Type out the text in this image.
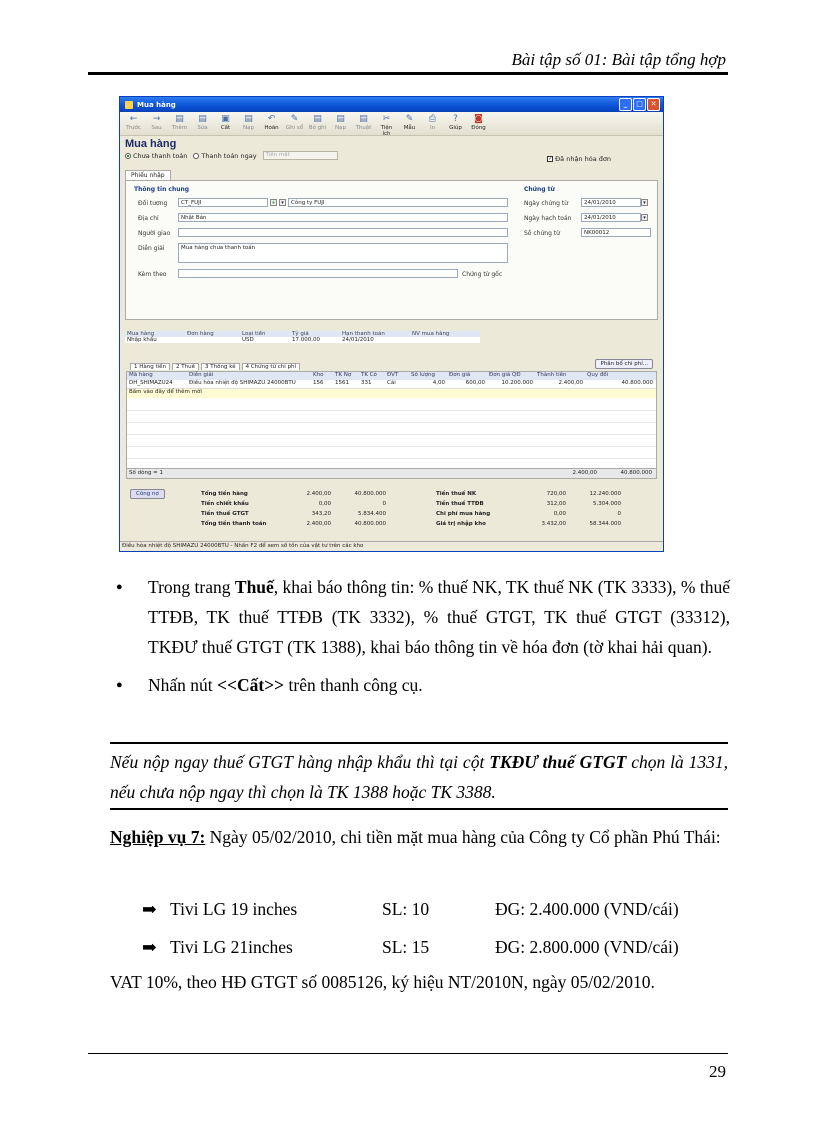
Bài tập số 01: Bài tập tổng hợp
Mua hàng	_	□	✕
←
Trước
→
Sau
▤
Thêm
▤
Sửa
▣
Cất
▤
Nạp
↶
Hoãn
✎
Ghi sổ
▤
Bỏ ghi
▤
Nạp
▤
Thuật
✂
Tiện ích
✎
Mẫu
⎙
In
?
Giúp
◙
Đóng
Mua hàng
Chưa thanh toán	Thanh toán ngay	Tiền mặt
✓ Đã nhận hóa đơn
Phiếu nhập
Thông tin chung
Đối tượng	CT_FUJI	+	▾	Công ty FUJI
Địa chỉ	Nhật Bản
Người giao
Diễn giải	Mua hàng chưa thanh toán
Kèm theo	Chứng từ gốc
Chứng từ
Ngày chứng từ	24/01/2010	▾
Ngày hạch toán	24/01/2010	▾
Số chứng từ	NK00012
Mua hàng	Đơn hàng	Loại tiền	Tỷ giá	Hạn thanh toán	NV mua hàng
Nhập khẩu	USD	17.000,00	24/01/2010
1 Hàng tiền	2 Thuế	3 Thống kê	4 Chứng từ chi phí	Phân bổ chi phí...
Mã hàng	Diễn giải	Kho	TK Nợ	TK Có	ĐVT	Số lượng	Đơn giá	Đơn giá QĐ	Thành tiền	Quy đổi
DH_SHIMAZU24	Điều hòa nhiệt độ SHIMAZU 24000BTU	156	1561	331	Cái	4,00	600,00	10.200.000	2.400,00	40.800.000
Bấm vào đây để thêm mới
Số dòng = 1	2.400,00	40.800.000
Công nợ	Tổng tiền hàng	2.400,00	40.800.000
Tiền chiết khấu	0,00	0
Tiền thuế GTGT	343,20	5.834.400
Tổng tiền thanh toán	2.400,00	40.800.000
Tiền thuế NK	720,00	12.240.000
Tiền thuế TTĐB	312,00	5.304.000
Chi phí mua hàng	0,00	0
Giá trị nhập kho	3.432,00	58.344.000
Điều hòa nhiệt độ SHIMAZU 24000BTU - Nhấn F2 để xem số tồn của vật tư trên các kho
●	Trong trang Thuế, khai báo thông tin: % thuế NK, TK thuế NK (TK 3333), % thuế TTĐB, TK thuế TTĐB (TK 3332), % thuế GTGT, TK thuế GTGT (33312), TKĐƯ thuế GTGT (TK 1388), khai báo thông tin về hóa đơn (tờ khai hải quan).
●	Nhấn nút <<Cất>> trên thanh công cụ.
Nếu nộp ngay thuế GTGT hàng nhập khẩu thì tại cột TKĐƯ thuế GTGT chọn là 1331, nếu chưa nộp ngay thì chọn là TK 1388 hoặc TK 3388.
Nghiệp vụ 7: Ngày 05/02/2010, chi tiền mặt mua hàng của Công ty Cổ phần Phú Thái:
➡ Tivi LG 19 inches	SL: 10	ĐG: 2.400.000 (VND/cái)
➡ Tivi LG 21inches	SL: 15	ĐG: 2.800.000 (VND/cái)
VAT 10%, theo HĐ GTGT số 0085126, ký hiệu NT/2010N, ngày 05/02/2010.
29
